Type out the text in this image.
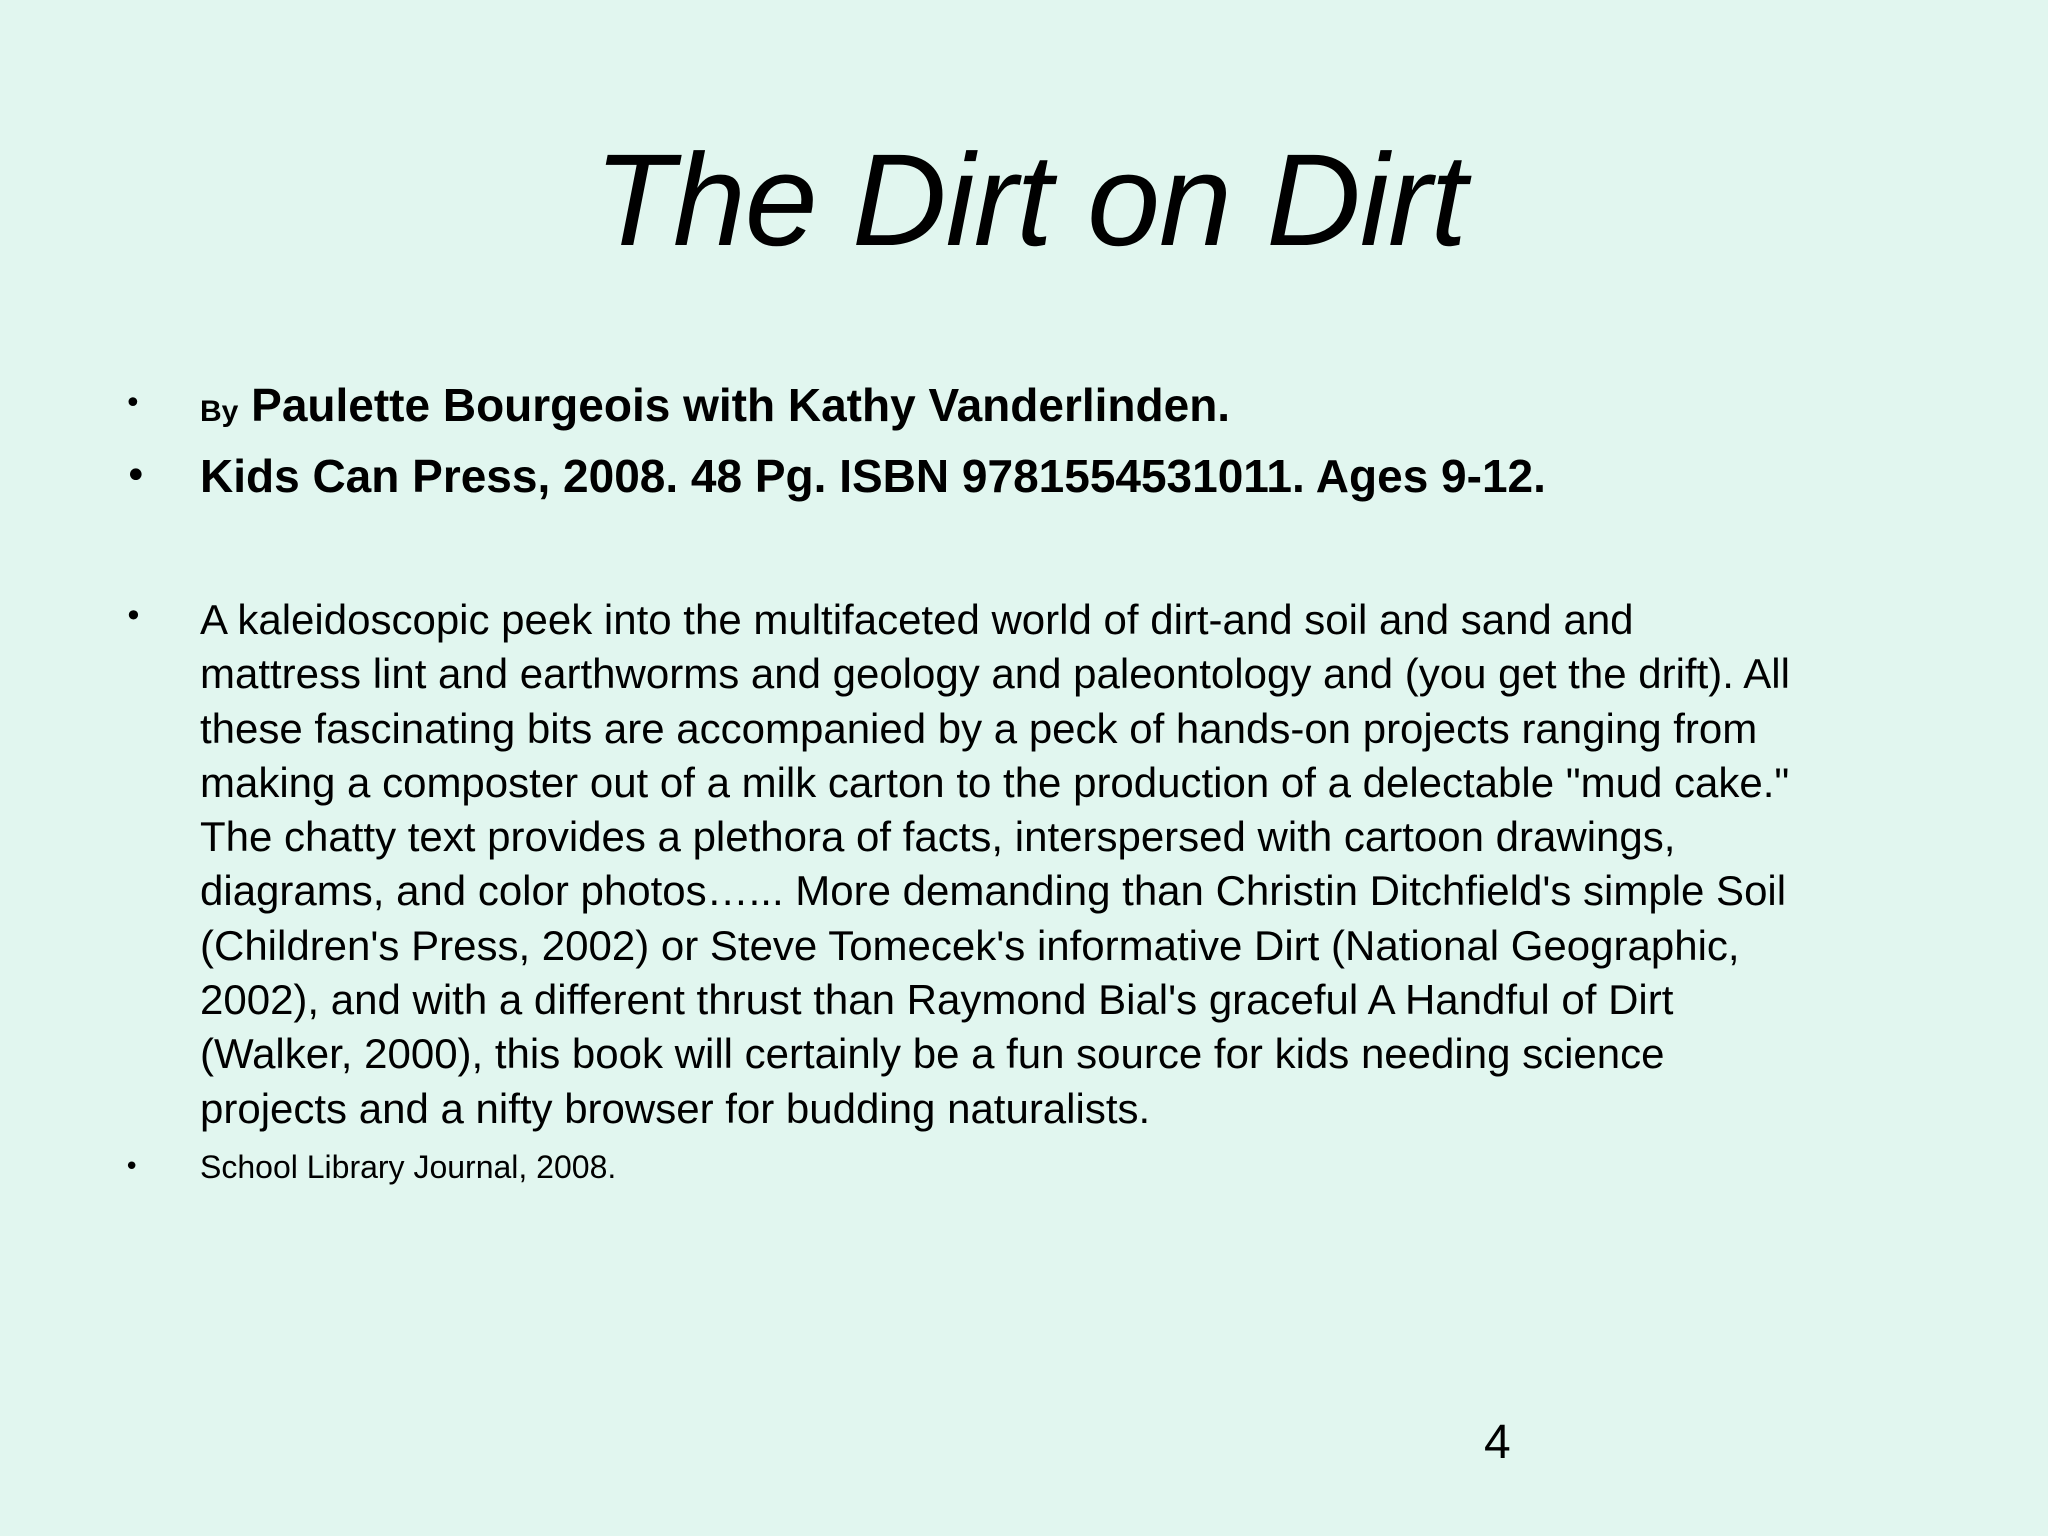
The Dirt on Dirt
• By Paulette Bourgeois with Kathy Vanderlinden.
• Kids Can Press, 2008. 48 Pg. ISBN 9781554531011. Ages 9-12.
• A kaleidoscopic peek into the multifaceted world of dirt-and soil and sand and
mattress lint and earthworms and geology and paleontology and (you get the drift). All
these fascinating bits are accompanied by a peck of hands-on projects ranging from
making a composter out of a milk carton to the production of a delectable "mud cake."
The chatty text provides a plethora of facts, interspersed with cartoon drawings,
diagrams, and color photos…... More demanding than Christin Ditchfield's simple Soil
(Children's Press, 2002) or Steve Tomecek's informative Dirt (National Geographic,
2002), and with a different thrust than Raymond Bial's graceful A Handful of Dirt
(Walker, 2000), this book will certainly be a fun source for kids needing science
projects and a nifty browser for budding naturalists.
• School Library Journal, 2008.
4
